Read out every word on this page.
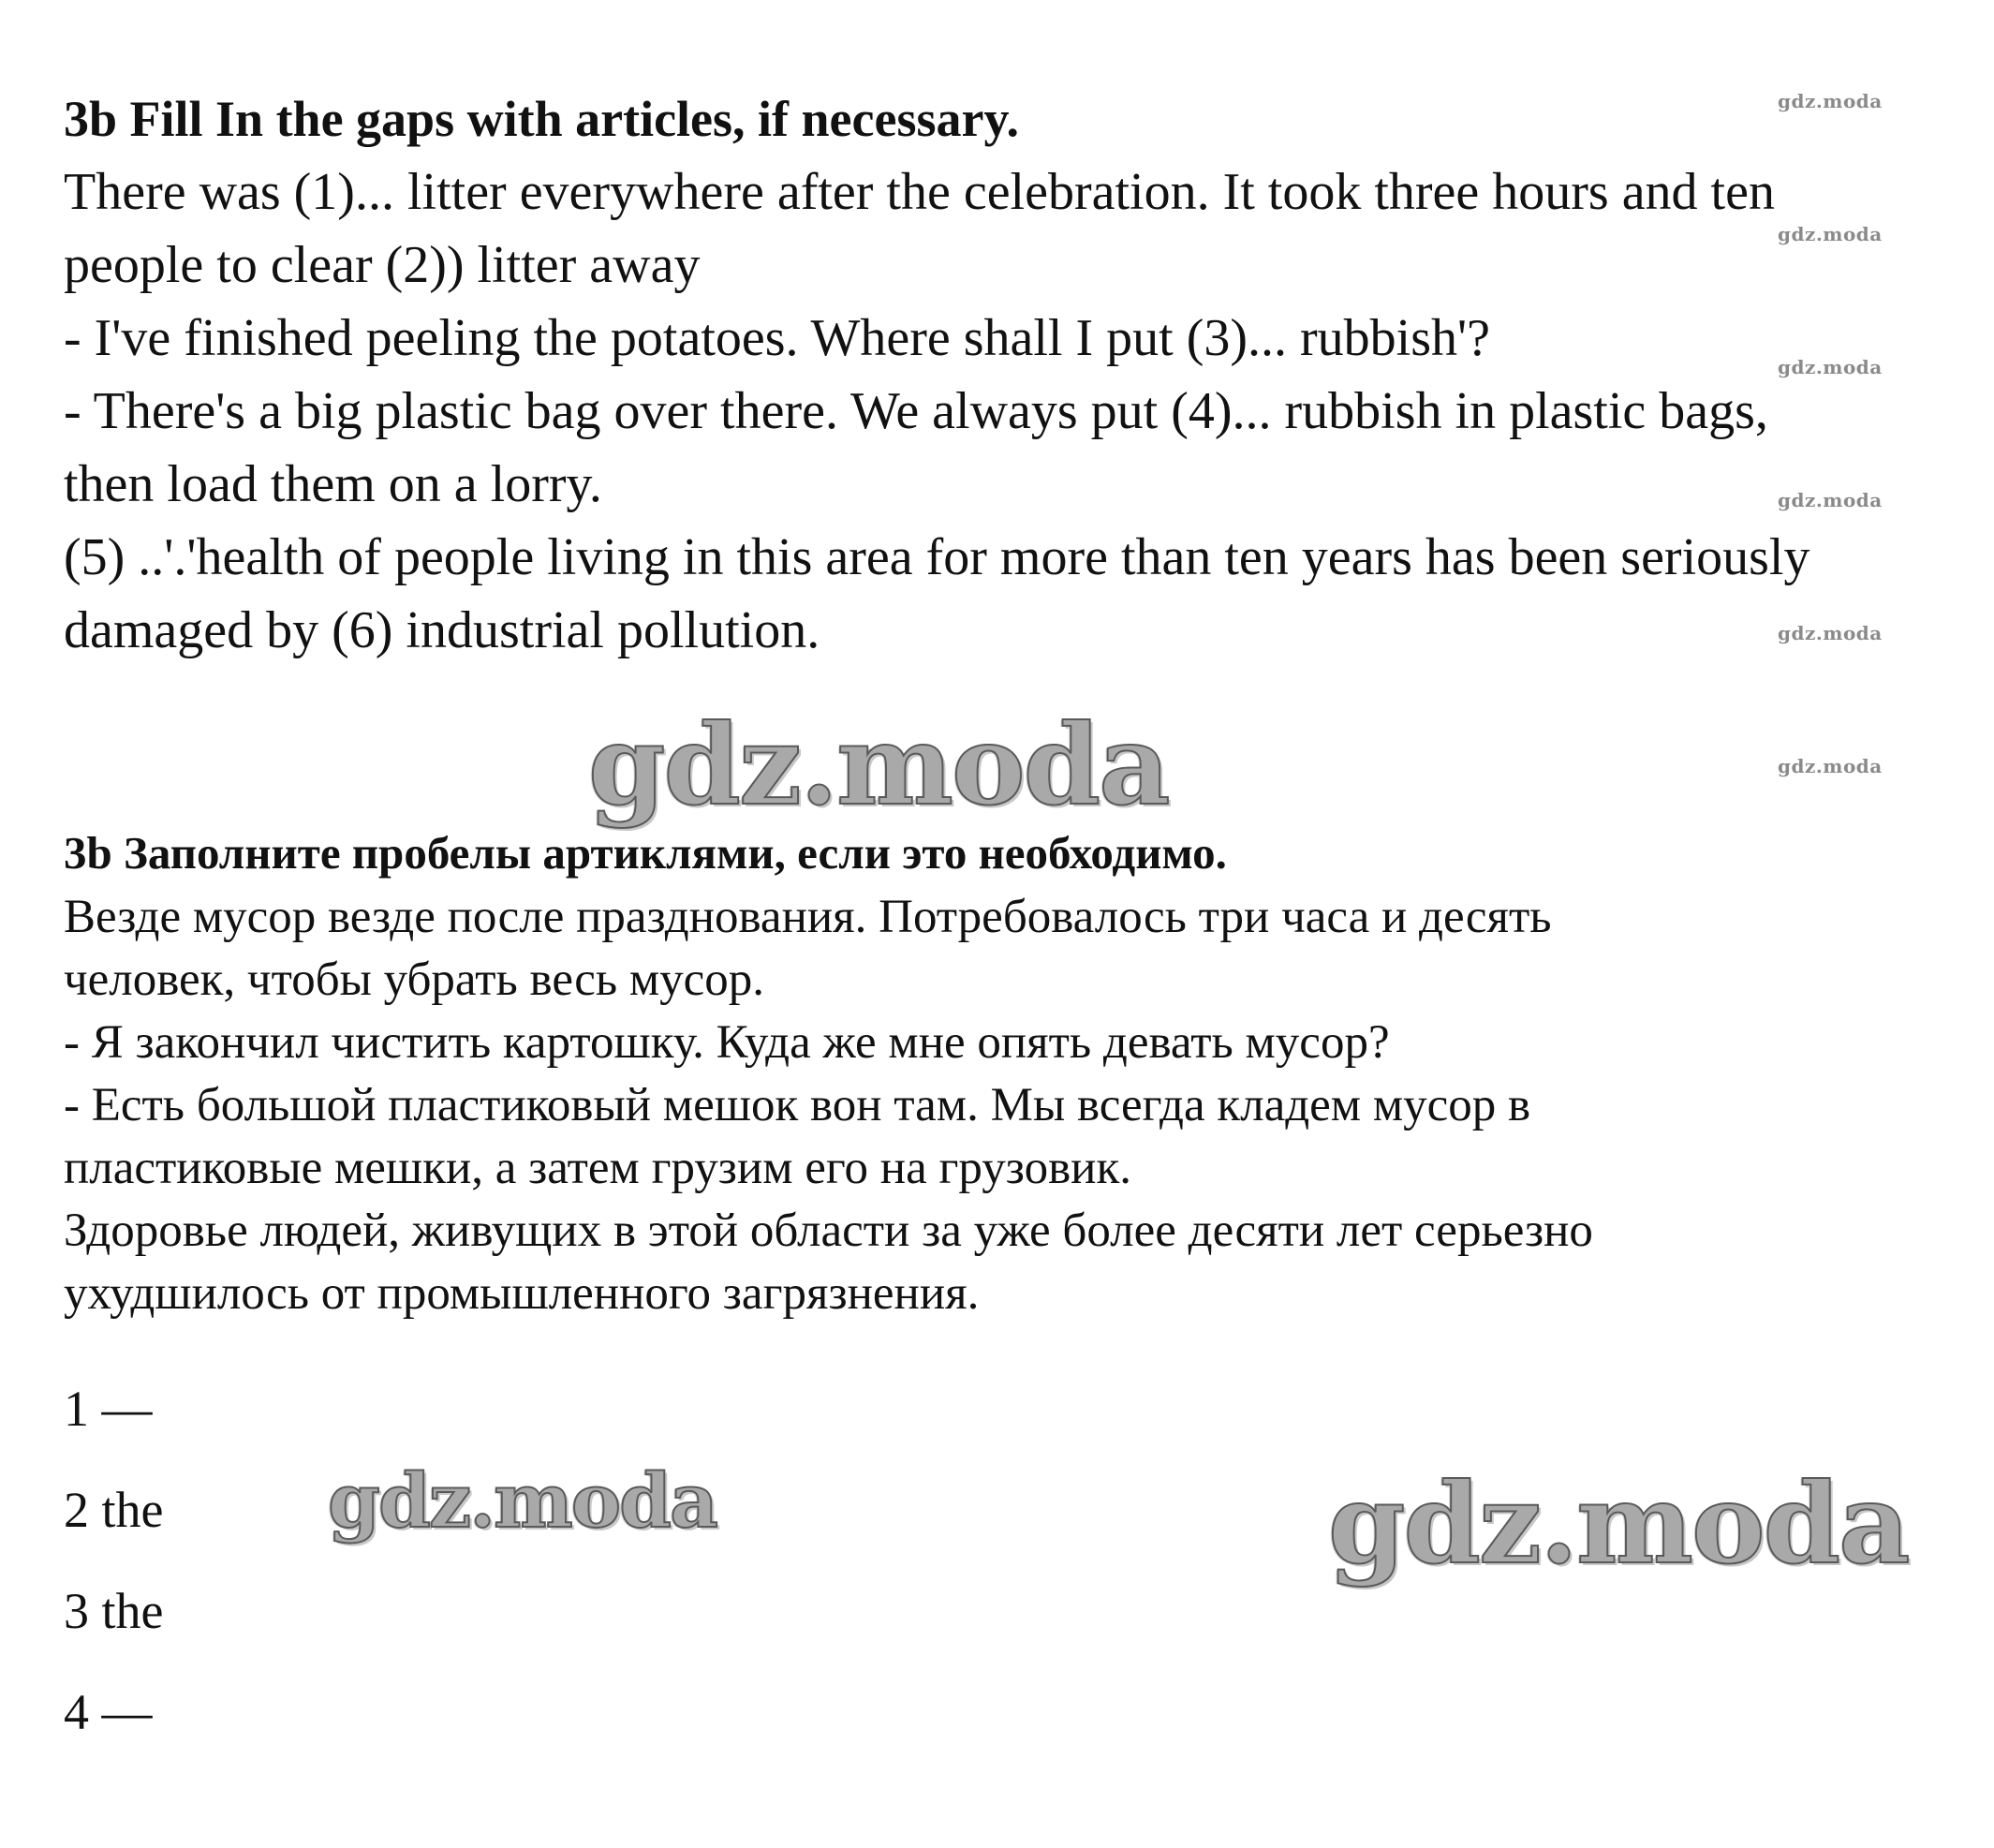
3b Fill In the gaps with articles, if necessary.

There was (1)... litter everywhere after the celebration. It took three hours and ten

people to clear (2)) litter away

- I've finished peeling the potatoes. Where shall I put (3)... rubbish'?

- There's a big plastic bag over there. We always put (4)... rubbish in plastic bags,

then load them on a lorry.

(5) ..'.'health of people living in this area for more than ten years has been seriously

damaged by (6) industrial pollution.

3b Заполните пробелы артиклями, если это необходимо.

Везде мусор везде после празднования. Потребовалось три часа и десять

человек, чтобы убрать весь мусор.

- Я закончил чистить картошку. Куда же мне опять девать мусор?

- Есть большой пластиковый мешок вон там. Мы всегда кладем мусор в

пластиковые мешки, а затем грузим его на грузовик.

Здоровье людей, живущих в этой области за уже более десяти лет серьезно

ухудшилось от промышленного загрязнения.

1 —

2 the

3 the

4 —

gdz.moda
gdz.moda
gdz.moda
gdz.moda
gdz.moda
gdz.moda
gdz.moda
gdz.moda	gdz.moda
